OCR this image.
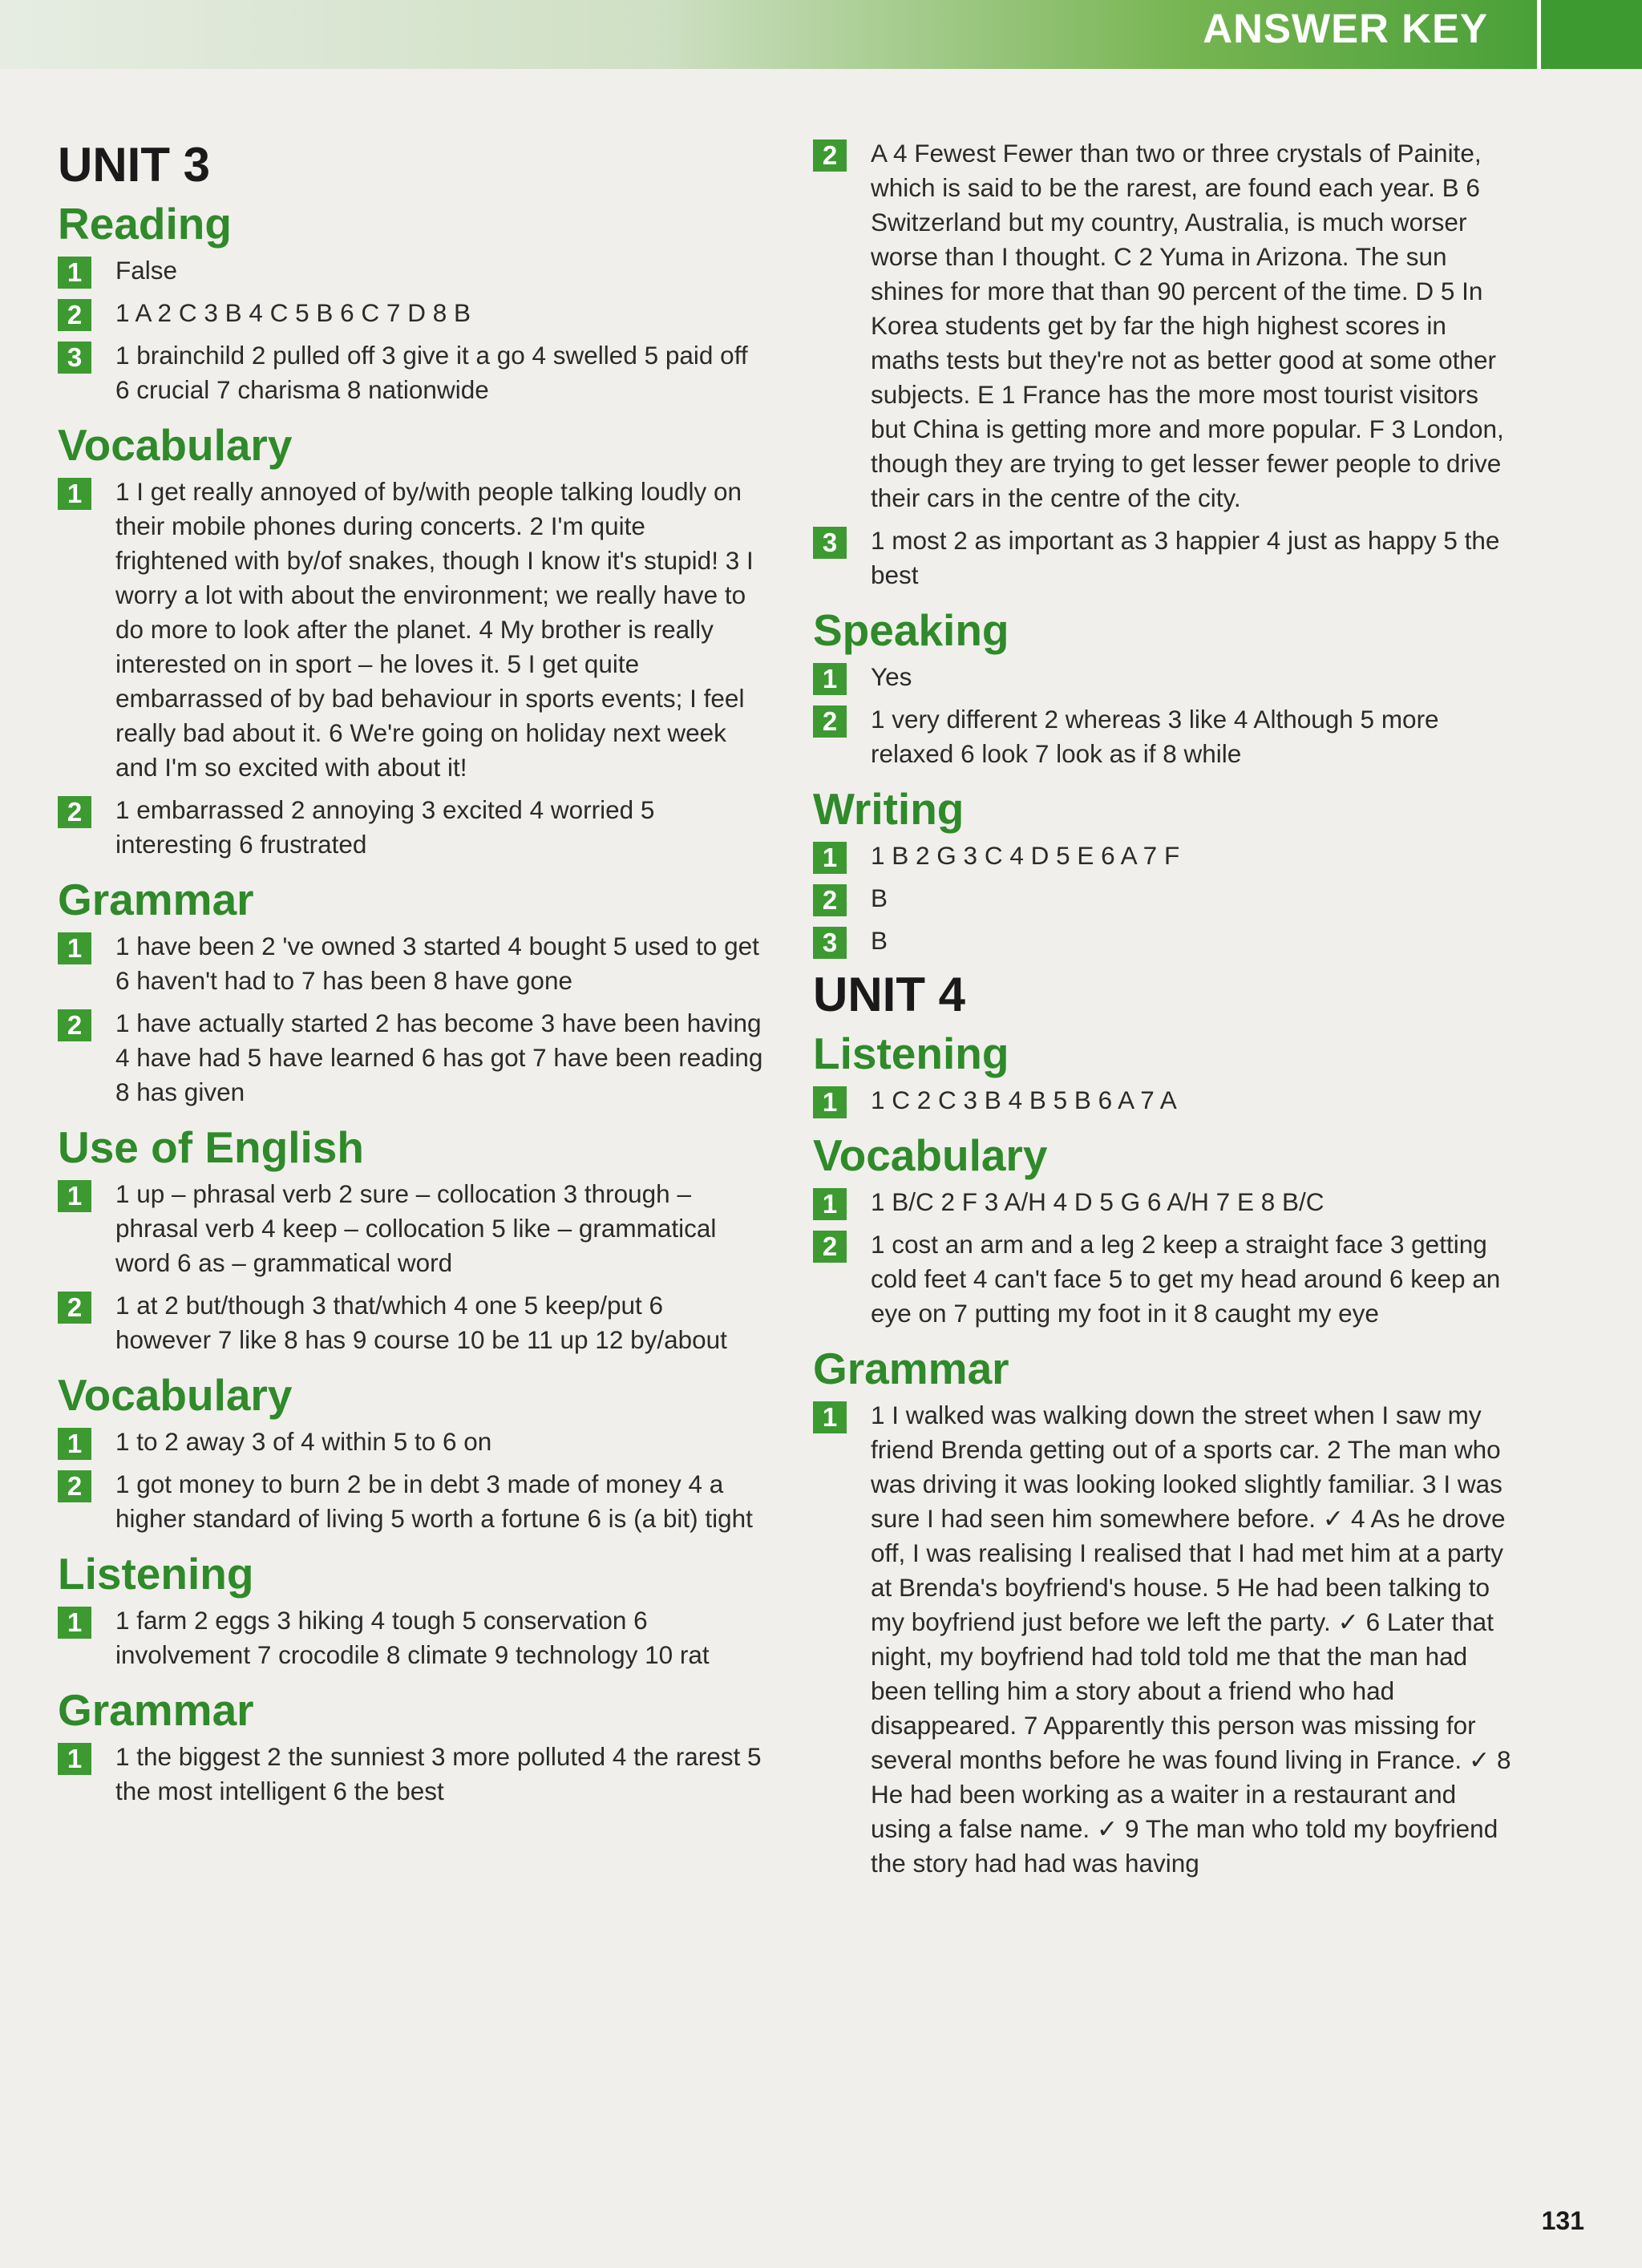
ANSWER KEY
UNIT 3
Reading
1	False
2	1 A 2 C 3 B 4 C 5 B 6 C 7 D 8 B
3	1 brainchild 2 pulled off 3 give it a go 4 swelled 5 paid off 6 crucial 7 charisma 8 nationwide
Vocabulary
1	1 I get really annoyed of by/with people talking loudly on their mobile phones during concerts. 2 I'm quite frightened with by/of snakes, though I know it's stupid! 3 I worry a lot with about the environment; we really have to do more to look after the planet. 4 My brother is really interested on in sport – he loves it. 5 I get quite embarrassed of by bad behaviour in sports events; I feel really bad about it. 6 We're going on holiday next week and I'm so excited with about it!
2	1 embarrassed 2 annoying 3 excited 4 worried 5 interesting 6 frustrated
Grammar
1	1 have been 2 've owned 3 started 4 bought 5 used to get 6 haven't had to 7 has been 8 have gone
2	1 have actually started 2 has become 3 have been having 4 have had 5 have learned 6 has got 7 have been reading 8 has given
Use of English
1	1 up – phrasal verb 2 sure – collocation 3 through – phrasal verb 4 keep – collocation 5 like – grammatical word 6 as – grammatical word
2	1 at 2 but/though 3 that/which 4 one 5 keep/put 6 however 7 like 8 has 9 course 10 be 11 up 12 by/about
Vocabulary
1	1 to 2 away 3 of 4 within 5 to 6 on
2	1 got money to burn 2 be in debt 3 made of money 4 a higher standard of living 5 worth a fortune 6 is (a bit) tight
Listening
1	1 farm 2 eggs 3 hiking 4 tough 5 conservation 6 involvement 7 crocodile 8 climate 9 technology 10 rat
Grammar
1	1 the biggest 2 the sunniest 3 more polluted 4 the rarest 5 the most intelligent 6 the best
2	A 4 Fewest Fewer than two or three crystals of Painite, which is said to be the rarest, are found each year. B 6 Switzerland but my country, Australia, is much worser worse than I thought. C 2 Yuma in Arizona. The sun shines for more that than 90 percent of the time. D 5 In Korea students get by far the high highest scores in maths tests but they're not as better good at some other subjects. E 1 France has the more most tourist visitors but China is getting more and more popular. F 3 London, though they are trying to get lesser fewer people to drive their cars in the centre of the city.
3	1 most 2 as important as 3 happier 4 just as happy 5 the best
Speaking
1	Yes
2	1 very different 2 whereas 3 like 4 Although 5 more relaxed 6 look 7 look as if 8 while
Writing
1	1 B 2 G 3 C 4 D 5 E 6 A 7 F
2	B
3	B
UNIT 4
Listening
1	1 C 2 C 3 B 4 B 5 B 6 A 7 A
Vocabulary
1	1 B/C 2 F 3 A/H 4 D 5 G 6 A/H 7 E 8 B/C
2	1 cost an arm and a leg 2 keep a straight face 3 getting cold feet 4 can't face 5 to get my head around 6 keep an eye on 7 putting my foot in it 8 caught my eye
Grammar
1	1 I walked was walking down the street when I saw my friend Brenda getting out of a sports car. 2 The man who was driving it was looking looked slightly familiar. 3 I was sure I had seen him somewhere before. ✓ 4 As he drove off, I was realising I realised that I had met him at a party at Brenda's boyfriend's house. 5 He had been talking to my boyfriend just before we left the party. ✓ 6 Later that night, my boyfriend had told told me that the man had been telling him a story about a friend who had disappeared. 7 Apparently this person was missing for several months before he was found living in France. ✓ 8 He had been working as a waiter in a restaurant and using a false name. ✓ 9 The man who told my boyfriend the story had had was having
131
